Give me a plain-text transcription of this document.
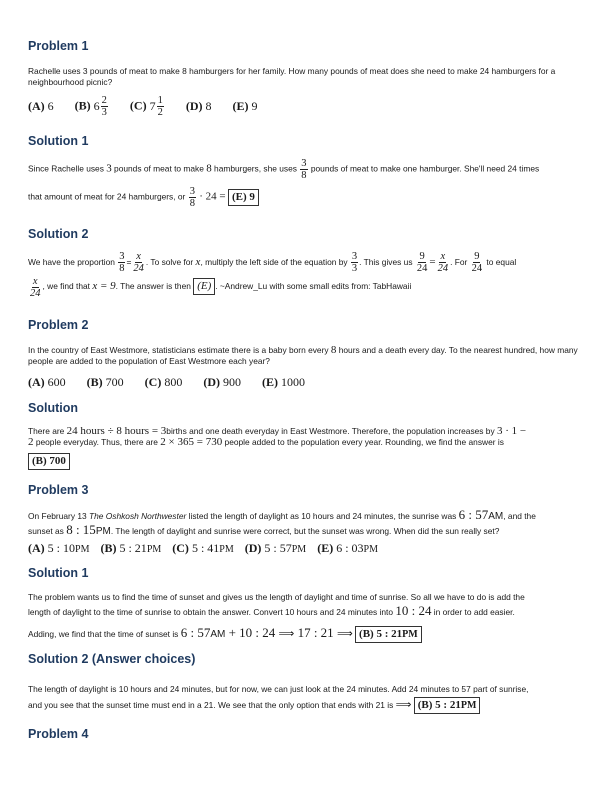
Problem 1

Rachelle uses 3 pounds of meat to make 8 hamburgers for her family. How many pounds of meat does she need to make 24 hamburgers for a neighbourhood picnic?

(A) 6 (B) $6 \frac{2}{3} (C)$ $7 \frac{1}{2} (D)$ 8 (E) 9
Solution 1

Since Rachelle uses 3 pounds of meat to make 8 hamburgers, she uses $\frac{3}{8}$ pounds of meat to make one hamburger. She'll need 24 times

that amount of meat for 24 hamburgers, or $\frac{3}{8} \cdot 24 = (E)$ 9

Solution 2

We have the proportion $\frac{3}{8} = \frac{x}{24}$ . To solve for x, multiply the left side of the equation by $\frac{3}{3}$ . This gives us $\frac{9}{24} = \frac{x}{24}$ . For $\frac{9}{24}$ to equal

$\frac{x}{24}$ , we find that x = 9. The answer is then (E) . ~Andrew_Lu with some small edits from: TabHawaii

Problem 2

In the country of East Westmore, statisticians estimate there is a baby born every 8 hours and a death every day. To the nearest hundred, how many people are added to the population of East Westmore each year?

(A) 600 (B) 700 (C) 800 (D) 900 (E) 1000
Solution

There are 24 hours ÷ 8 hours = 3births and one death everyday in East Westmore. Therefore, the population increases by 3 · 1 −
2 people everyday. Thus, there are 2 × 365 = 730 people added to the population every year. Rounding, we find the answer is

(B) 700
Problem 3

On February 13 The Oshkosh Northwester listed the length of daylight as 10 hours and 24 minutes, the sunrise was 6 : 57AM, and the
sunset as 8 : 15PM. The length of daylight and sunrise were correct, but the sunset was wrong. When did the sun really set?

(A) 5 : 10PM (B) 5 : 21PM (C) 5 : 41PM (D) 5 : 57PM (E) 6 : 03PM
Solution 1

The problem wants us to find the time of sunset and gives us the length of daylight and time of sunrise. So all we have to do is add the
length of daylight to the time of sunrise to obtain the answer. Convert 10 hours and 24 minutes into 10 : 24 in order to add easier.

Adding, we find that the time of sunset is 6 : 57AM + 10 : 24 ⟹ 17 : 21 ⟹ (B) 5 : 21PM

Solution 2 (Answer choices)

The length of daylight is 10 hours and 24 minutes, but for now, we can just look at the 24 minutes. Add 24 minutes to 57 part of sunrise,
and you see that the sunset time must end in a 21. We see that the only option that ends with 21 is ⟹ (B) 5 : 21PM

Problem 4
